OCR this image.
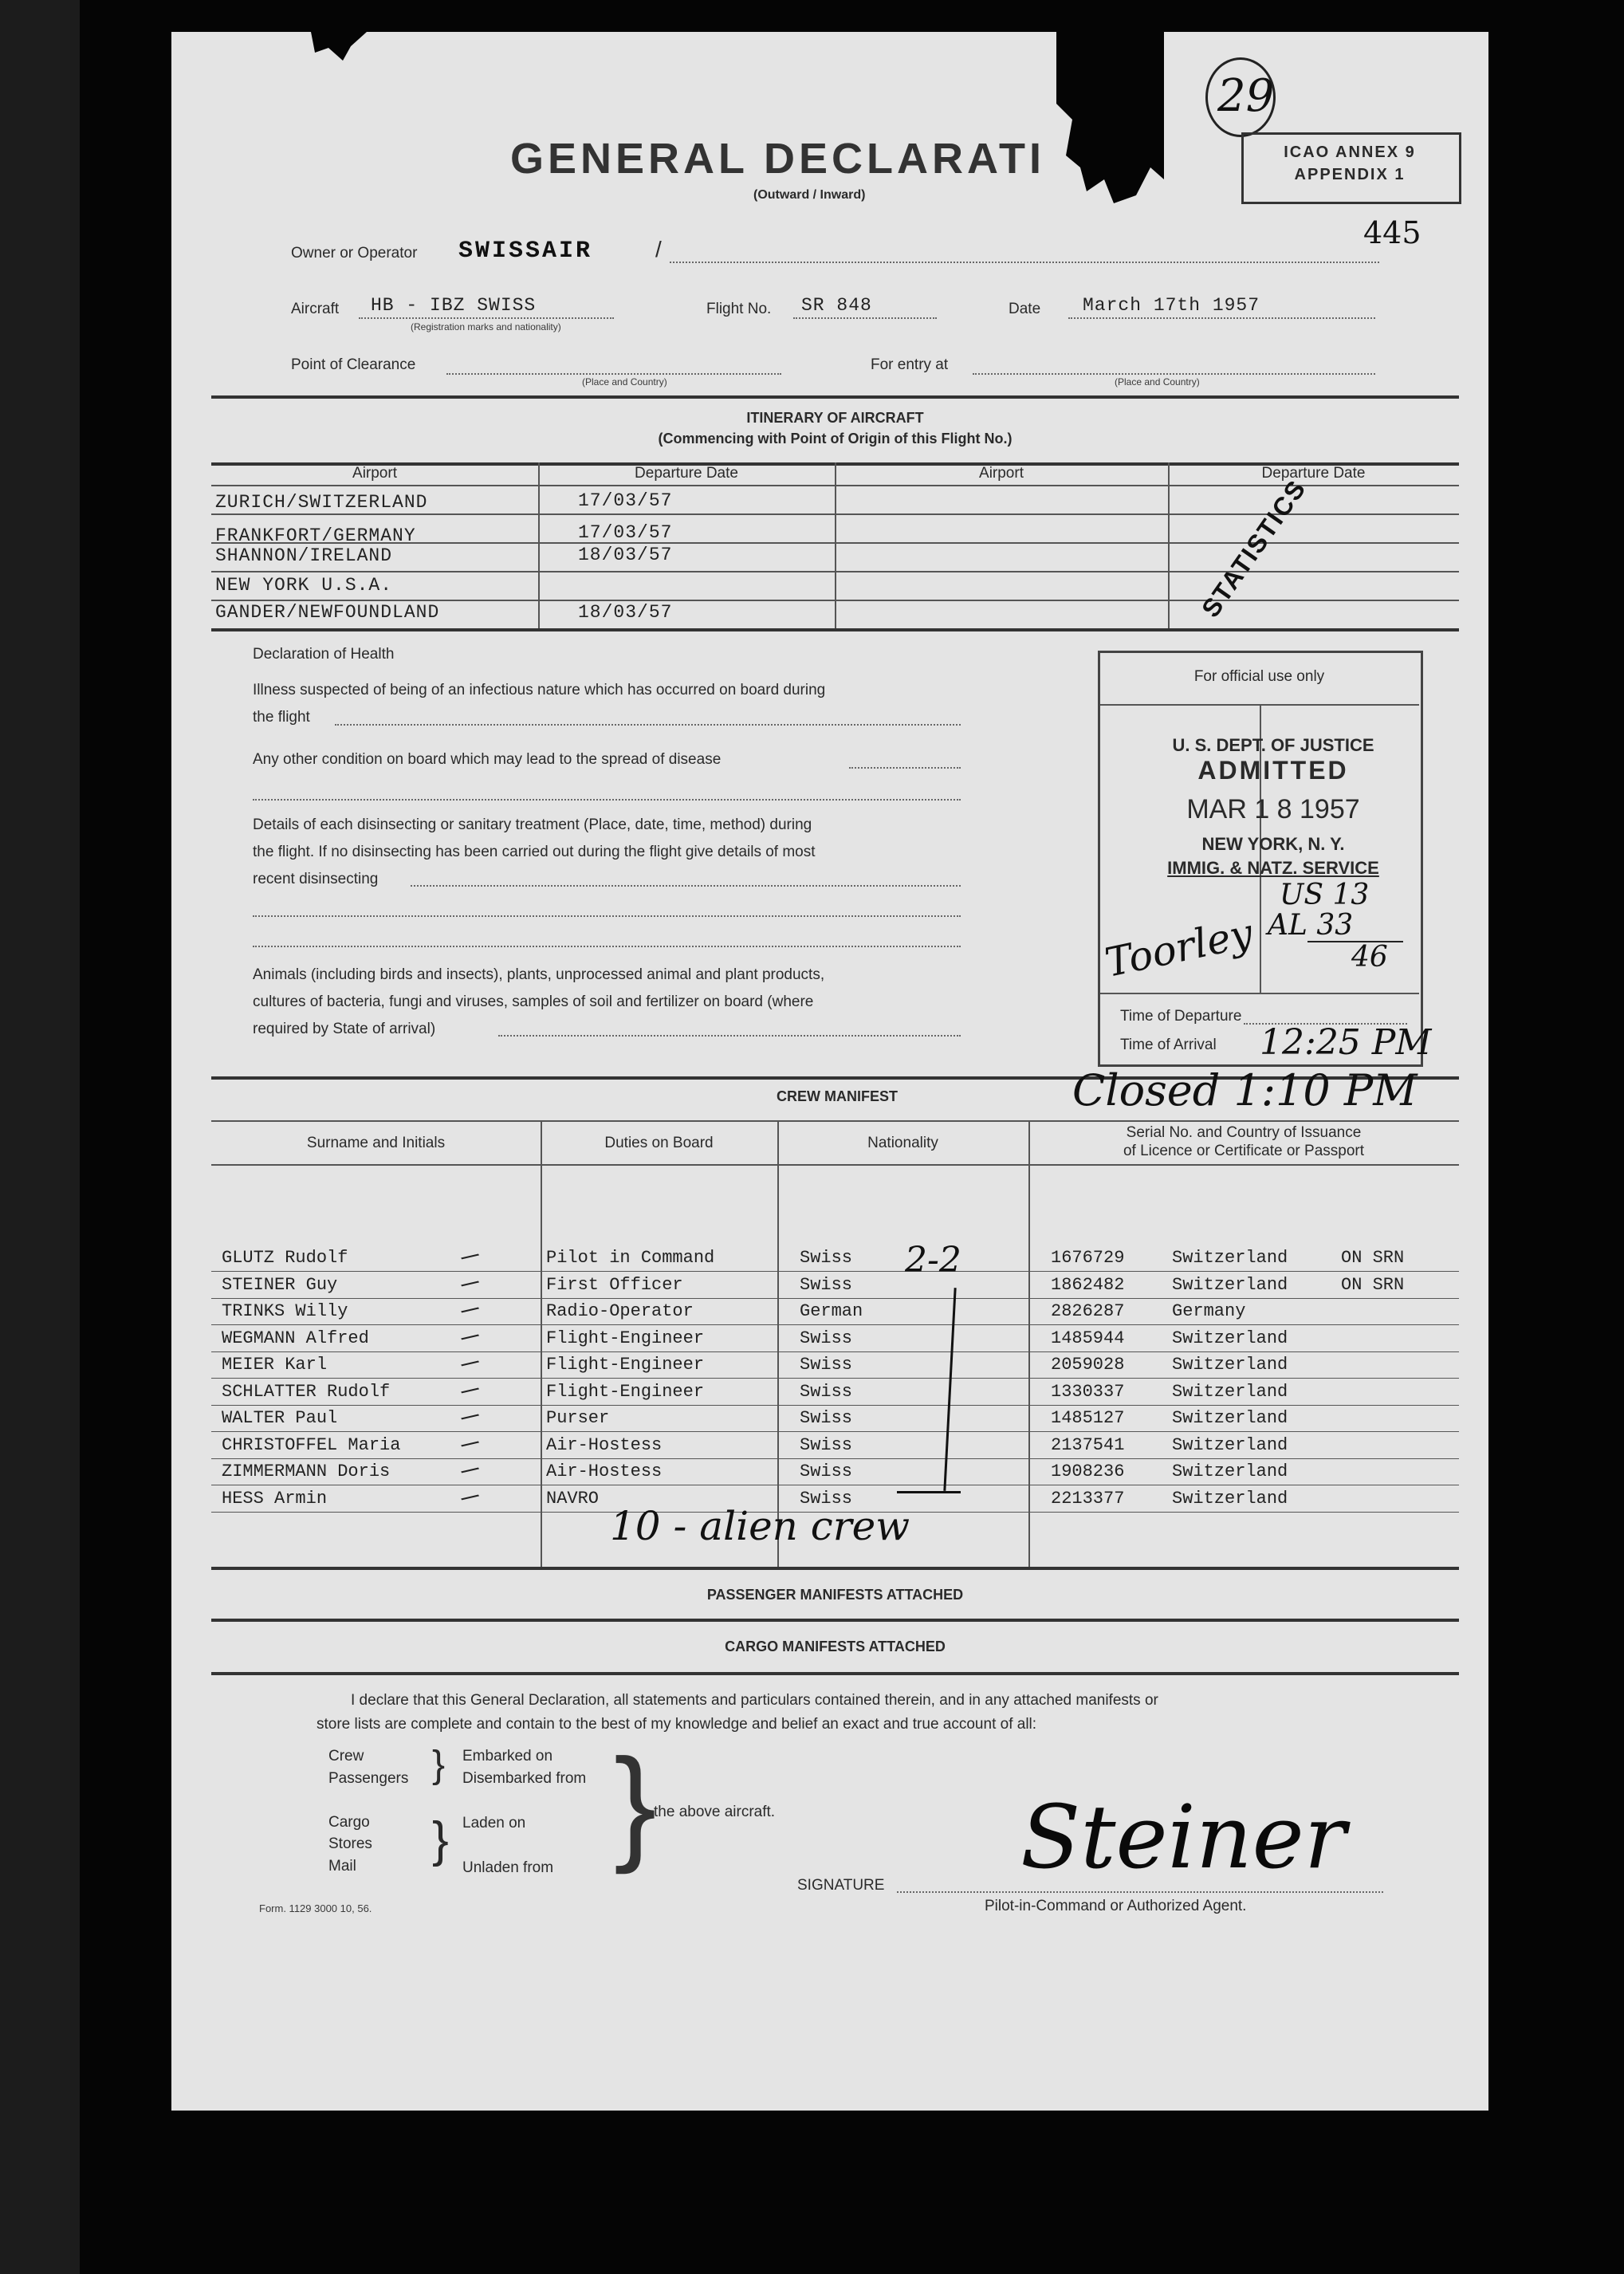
GENERAL DECLARATI
(Outward / Inward)
29
ICAO ANNEX 9
APPENDIX 1
445
Owner or Operator SWISSAIR	/
Aircraft HB - IBZ SWISS
(Registration marks and nationality)
Flight No. SR 848	Date March 17th 1957
Point of Clearance
(Place and Country)
For entry at
(Place and Country)
ITINERARY OF AIRCRAFT
(Commencing with Point of Origin of this Flight No.)
Airport	Departure Date	Airport	Departure Date
ZURICH/SWITZERLAND	17/03/57
FRANKFORT/GERMANY	17/03/57
SHANNON/IRELAND	18/03/57
NEW YORK U.S.A.
GANDER/NEWFOUNDLAND	18/03/57	STATISTICS
Declaration of Health
Illness suspected of being of an infectious nature which has occurred on board during
the flight
Any other condition on board which may lead to the spread of disease
Details of each disinsecting or sanitary treatment (Place, date, time, method) during
the flight. If no disinsecting has been carried out during the flight give details of most
recent disinsecting
Animals (including birds and insects), plants, unprocessed animal and plant products,
cultures of bacteria, fungi and viruses, samples of soil and fertilizer on board (where
required by State of arrival)
For official use only
U. S. DEPT. OF JUSTICE
ADMITTED
MAR 1 8 1957
NEW YORK, N. Y.
IMMIG. & NATZ. SERVICE
US 13
AL 33
46
Toorley
Time of Departure
Time of Arrival 12:25 PM
CREW MANIFEST	Closed 1:10 PM
Surname and Initials	Duties on Board	Nationality
Serial No. and Country of Issuance
of Licence or Certificate or Passport
GLUTZ Rudolf	Pilot in Command	Swiss	1676729	Switzerland	ON SRN
/
STEINER Guy	First Officer	Swiss	1862482	Switzerland	ON SRN
/
TRINKS Willy	Radio-Operator	German	2826287	Germany
/
WEGMANN Alfred	Flight-Engineer	Swiss	1485944	Switzerland
/
MEIER Karl	Flight-Engineer	Swiss	2059028	Switzerland
/
SCHLATTER Rudolf	Flight-Engineer	Swiss	1330337	Switzerland
/
WALTER Paul	Purser	Swiss	1485127	Switzerland
/
CHRISTOFFEL Maria	Air-Hostess	Swiss	2137541	Switzerland
/
ZIMMERMANN Doris	Air-Hostess	Swiss	1908236	Switzerland
/
HESS Armin	NAVRO	Swiss	2213377	Switzerland
/
2-2
10 - alien crew
PASSENGER MANIFESTS ATTACHED
CARGO MANIFESTS ATTACHED
I declare that this General Declaration, all statements and particulars contained therein, and in any attached manifests or
store lists are complete and contain to the best of my knowledge and belief an exact and true account of all:
Crew
Passengers } Embarked on
Disembarked from
Cargo
Stores
Mail } Laden on
Unladen from }
the above aircraft.
SIGNATURE Steiner
Pilot-in-Command or Authorized Agent.
Form. 1129 3000 10, 56.
